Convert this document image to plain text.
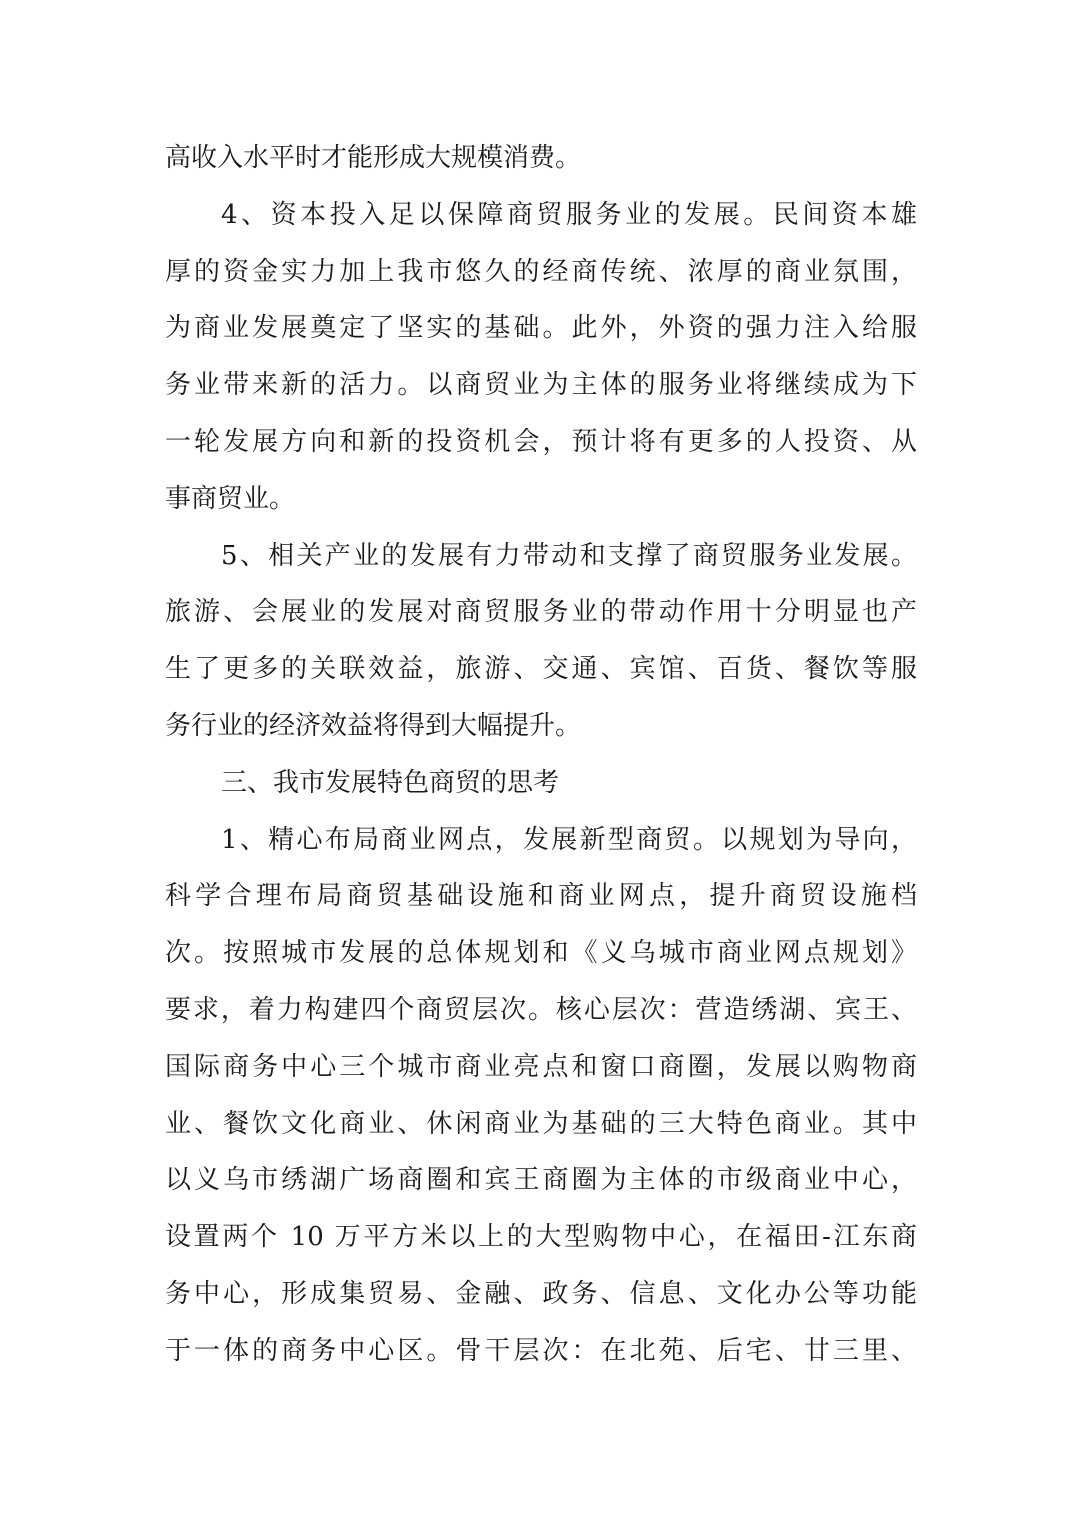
高收入水平时才能形成大规模消费。
4、资本投入足以保障商贸服务业的发展。民间资本雄
厚的资金实力加上我市悠久的经商传统、浓厚的商业氛围，
为商业发展奠定了坚实的基础。此外，外资的强力注入给服
务业带来新的活力。以商贸业为主体的服务业将继续成为下
一轮发展方向和新的投资机会，预计将有更多的人投资、从
事商贸业。
5、相关产业的发展有力带动和支撑了商贸服务业发展。
旅游、会展业的发展对商贸服务业的带动作用十分明显也产
生了更多的关联效益，旅游、交通、宾馆、百货、餐饮等服
务行业的经济效益将得到大幅提升。
三、我市发展特色商贸的思考
1、精心布局商业网点，发展新型商贸。以规划为导向，
科学合理布局商贸基础设施和商业网点，提升商贸设施档
次。按照城市发展的总体规划和《义乌城市商业网点规划》
要求，着力构建四个商贸层次。核心层次：营造绣湖、宾王、
国际商务中心三个城市商业亮点和窗口商圈，发展以购物商
业、餐饮文化商业、休闲商业为基础的三大特色商业。其中
以义乌市绣湖广场商圈和宾王商圈为主体的市级商业中心，
设置两个 10 万平方米以上的大型购物中心，在福田-江东商
务中心，形成集贸易、金融、政务、信息、文化办公等功能
于一体的商务中心区。骨干层次：在北苑、后宅、廿三里、
